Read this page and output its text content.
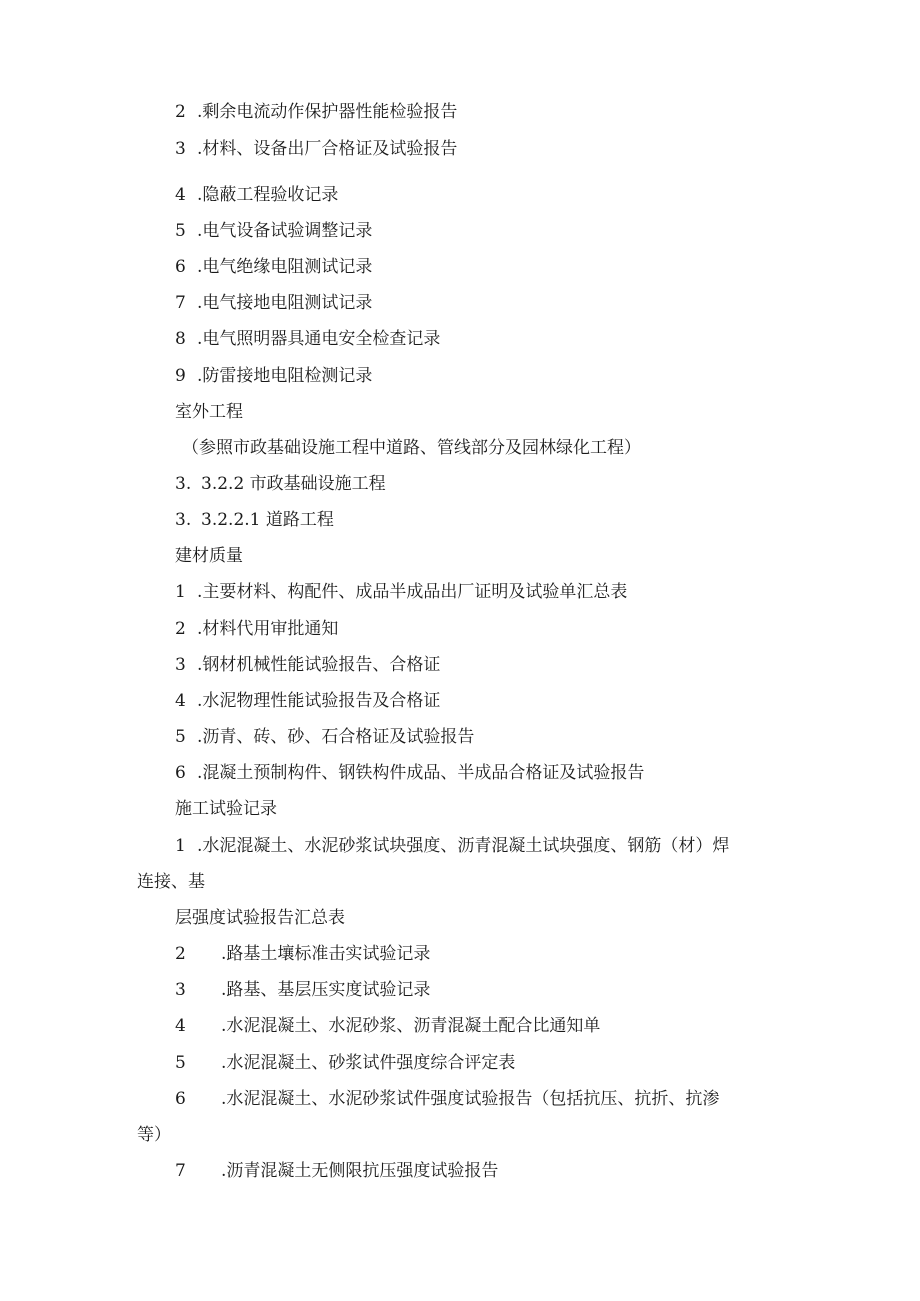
2 .剩余电流动作保护器性能检验报告
3 .材料、设备出厂合格证及试验报告
4 .隐蔽工程验收记录
5 .电气设备试验调整记录
6 .电气绝缘电阻测试记录
7 .电气接地电阻测试记录
8 .电气照明器具通电安全检查记录
9 .防雷接地电阻检测记录
室外工程
（参照市政基础设施工程中道路、管线部分及园林绿化工程）
3. 3.2.2 市政基础设施工程
3. 3.2.2.1 道路工程
建材质量
1 .主要材料、构配件、成品半成品出厂证明及试验单汇总表
2 .材料代用审批通知
3 .钢材机械性能试验报告、合格证
4 .水泥物理性能试验报告及合格证
5 .沥青、砖、砂、石合格证及试验报告
6 .混凝土预制构件、钢铁构件成品、半成品合格证及试验报告
施工试验记录
1 .水泥混凝土、水泥砂浆试块强度、沥青混凝土试块强度、钢筋（材）焊
连接、基
层强度试验报告汇总表
2 .路基土壤标准击实试验记录
3 .路基、基层压实度试验记录
4 .水泥混凝土、水泥砂浆、沥青混凝土配合比通知单
5 .水泥混凝土、砂浆试件强度综合评定表
6 .水泥混凝土、水泥砂浆试件强度试验报告（包括抗压、抗折、抗渗
等）
7 .沥青混凝土无侧限抗压强度试验报告
